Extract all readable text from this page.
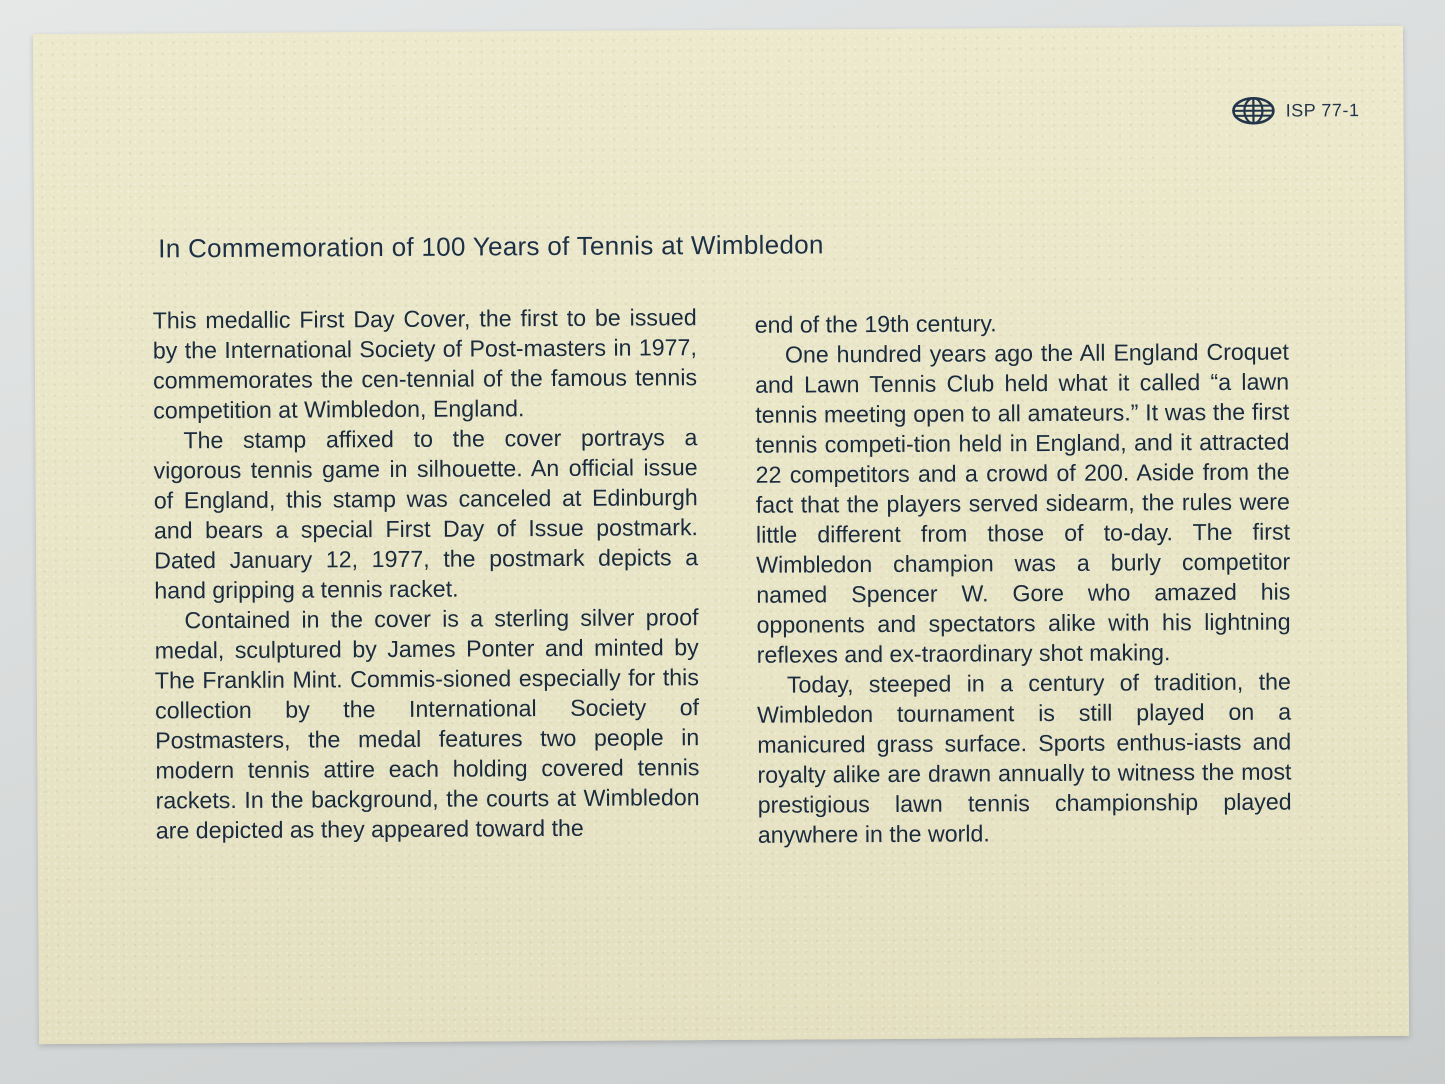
ISP 77-1
In Commemoration of 100 Years of Tennis at Wimbledon

This medallic First Day Cover, the first to be issued by the International Society of Post-masters in 1977, commemorates the cen-tennial of the famous tennis competition at Wimbledon, England.

The stamp affixed to the cover portrays a vigorous tennis game in silhouette. An official issue of England, this stamp was canceled at Edinburgh and bears a special First Day of Issue postmark. Dated January 12, 1977, the postmark depicts a hand gripping a tennis racket.

Contained in the cover is a sterling silver proof medal, sculptured by James Ponter and minted by The Franklin Mint. Commis-sioned especially for this collection by the International Society of Postmasters, the medal features two people in modern tennis attire each holding covered tennis rackets. In the background, the courts at Wimbledon are depicted as they appeared toward the

end of the 19th century.

One hundred years ago the All England Croquet and Lawn Tennis Club held what it called “a lawn tennis meeting open to all amateurs.” It was the first tennis competi-tion held in England, and it attracted 22 competitors and a crowd of 200. Aside from the fact that the players served sidearm, the rules were little different from those of to-day. The first Wimbledon champion was a burly competitor named Spencer W. Gore who amazed his opponents and spectators alike with his lightning reflexes and ex-traordinary shot making.

Today, steeped in a century of tradition, the Wimbledon tournament is still played on a manicured grass surface. Sports enthus-iasts and royalty alike are drawn annually to witness the most prestigious lawn tennis championship played anywhere in the world.
